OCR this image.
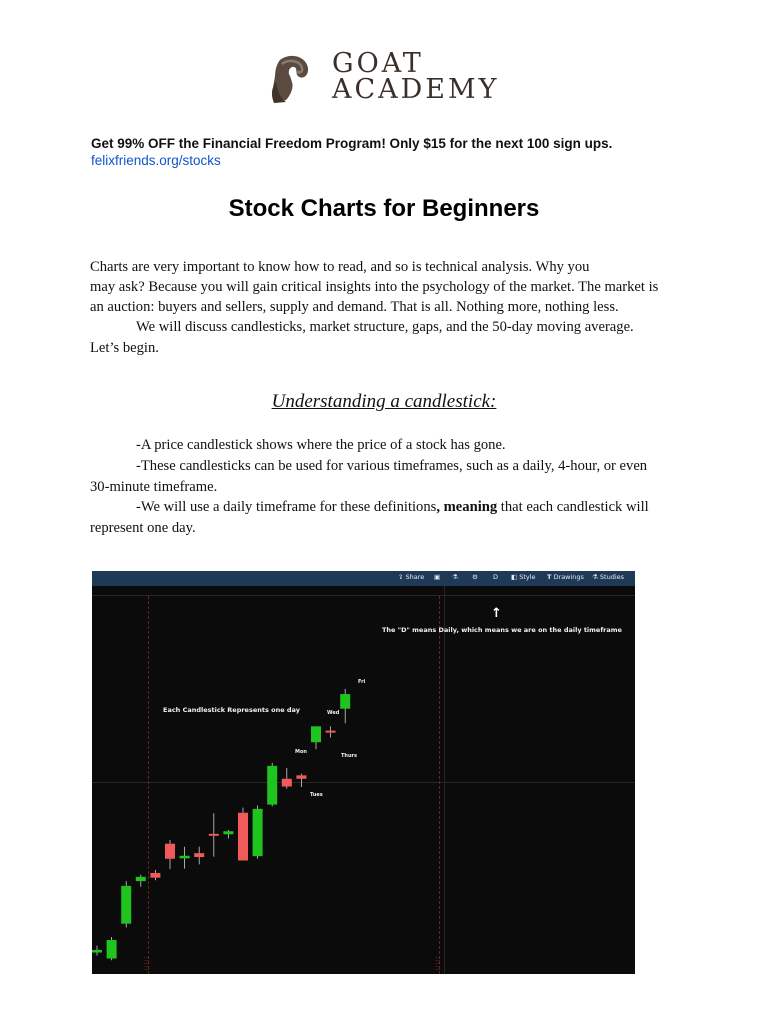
GOAT
ACADEMY
Get 99% OFF the Financial Freedom Program! Only $15 for the next 100 sign ups.
felixfriends.org/stocks
Stock Charts for Beginners
Charts are very important to know how to read, and so is technical analysis. Why you
may ask? Because you will gain critical insights into the psychology of the market. The market is
an auction: buyers and sellers, supply and demand. That is all. Nothing more, nothing less.
We will discuss candlesticks, market structure, gaps, and the 50-day moving average.
Let’s begin.
Understanding a candlestick:
-A price candlestick shows where the price of a stock has gone.
-These candlesticks can be used for various timeframes, such as a daily, 4-hour, or even
30-minute timeframe.
-We will use a daily timeframe for these definitions, meaning that each candlestick will
represent one day.
⇪ Share ▣ ⚗ ⚙ D ◧ Style T Drawings ⚗ Studies
|||||	|||||
↑
The "D" means Daily, which means we are on the daily timeframe
Each Candlestick Represents one day
Mon
Tues
Wed
Thurs
Fri
